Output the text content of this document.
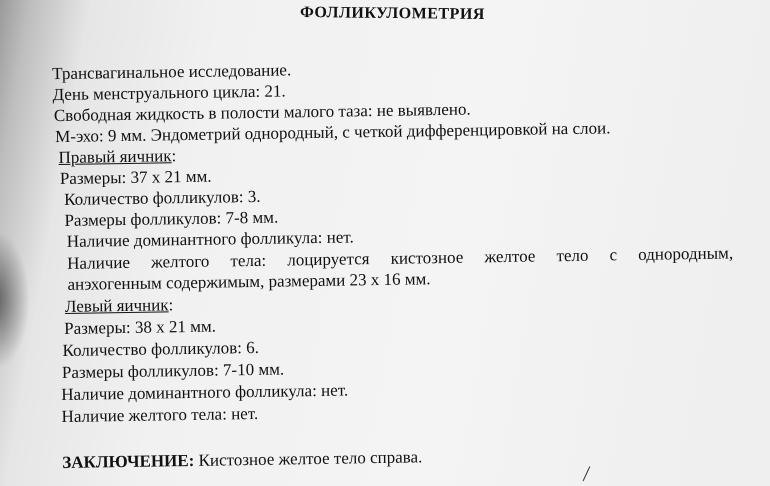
ФОЛЛИКУЛОМЕТРИЯ
Трансвагинальное исследование.
День менструального цикла: 21.
Свободная жидкость в полости малого таза: не выявлено.
М-эхо: 9 мм. Эндометрий однородный, с четкой дифференцировкой на слои.
Правый яичник:
Размеры: 37 х 21 мм.
Количество фолликулов: 3.
Размеры фолликулов: 7-8 мм.
Наличие доминантного фолликула: нет.
Наличие желтого тела: лоцируется кистозное желтое тело с однородным,
анэхогенным содержимым, размерами 23 х 16 мм.
Левый яичник:
Размеры: 38 х 21 мм.
Количество фолликулов: 6.
Размеры фолликулов: 7-10 мм.
Наличие доминантного фолликула: нет.
Наличие желтого тела: нет.
ЗАКЛЮЧЕНИЕ: Кистозное желтое тело справа.
